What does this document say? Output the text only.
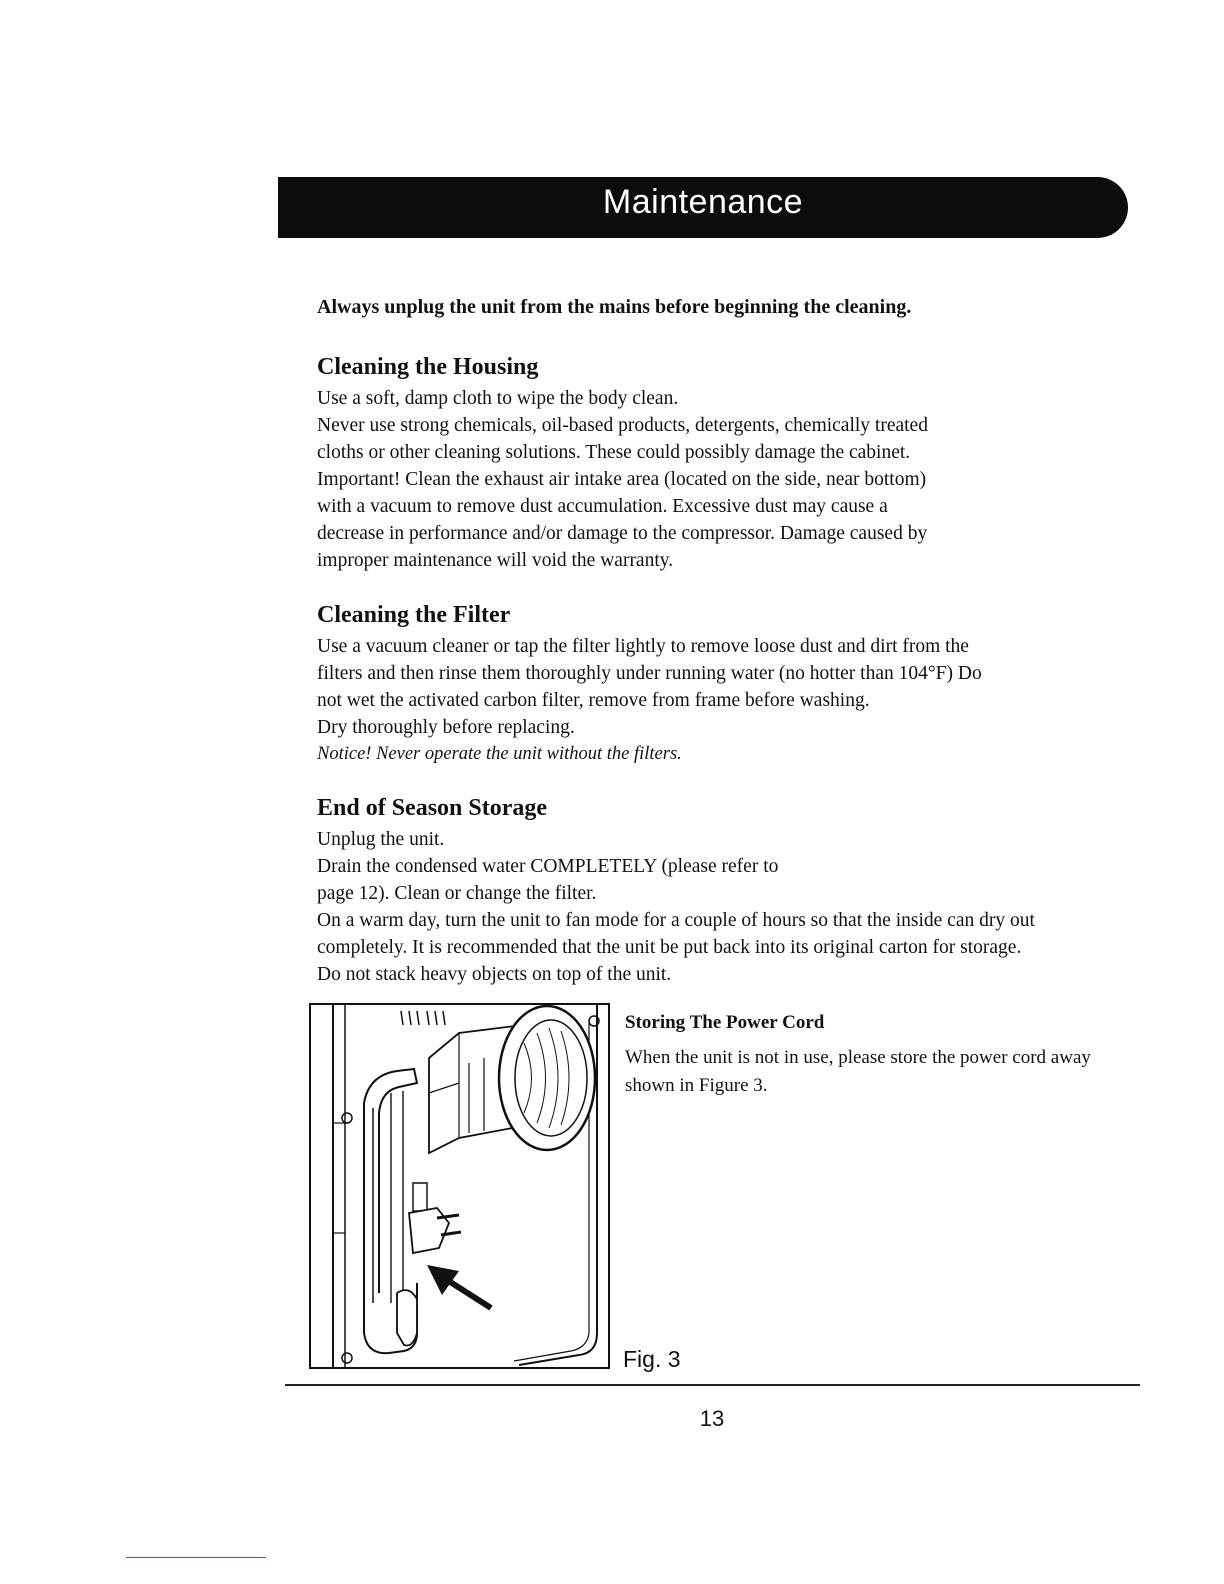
Maintenance
Always unplug the unit from the mains before beginning the cleaning.
Cleaning the Housing

Use a soft, damp cloth to wipe the body clean.

Never use strong chemicals, oil-based products, detergents, chemically treated

cloths or other cleaning solutions. These could possibly damage the cabinet.

Important! Clean the exhaust air intake area (located on the side, near bottom)

with a vacuum to remove dust accumulation. Excessive dust may cause a

decrease in performance and/or damage to the compressor. Damage caused by

improper maintenance will void the warranty.

Cleaning the Filter

Use a vacuum cleaner or tap the filter lightly to remove loose dust and dirt from the

filters and then rinse them thoroughly under running water (no hotter than 104°F) Do

not wet the activated carbon filter, remove from frame before washing.

Dry thoroughly before replacing.

Notice! Never operate the unit without the filters.

End of Season Storage

Unplug the unit.

Drain the condensed water COMPLETELY (please refer to

page 12). Clean or change the filter.

On a warm day, turn the unit to fan mode for a couple of hours so that the inside can dry out

completely. It is recommended that the unit be put back into its original carton for storage.

Do not stack heavy objects on top of the unit.

Storing The Power Cord

When the unit is not in use, please store the power cord away

shown in Figure 3.

Fig. 3
13
